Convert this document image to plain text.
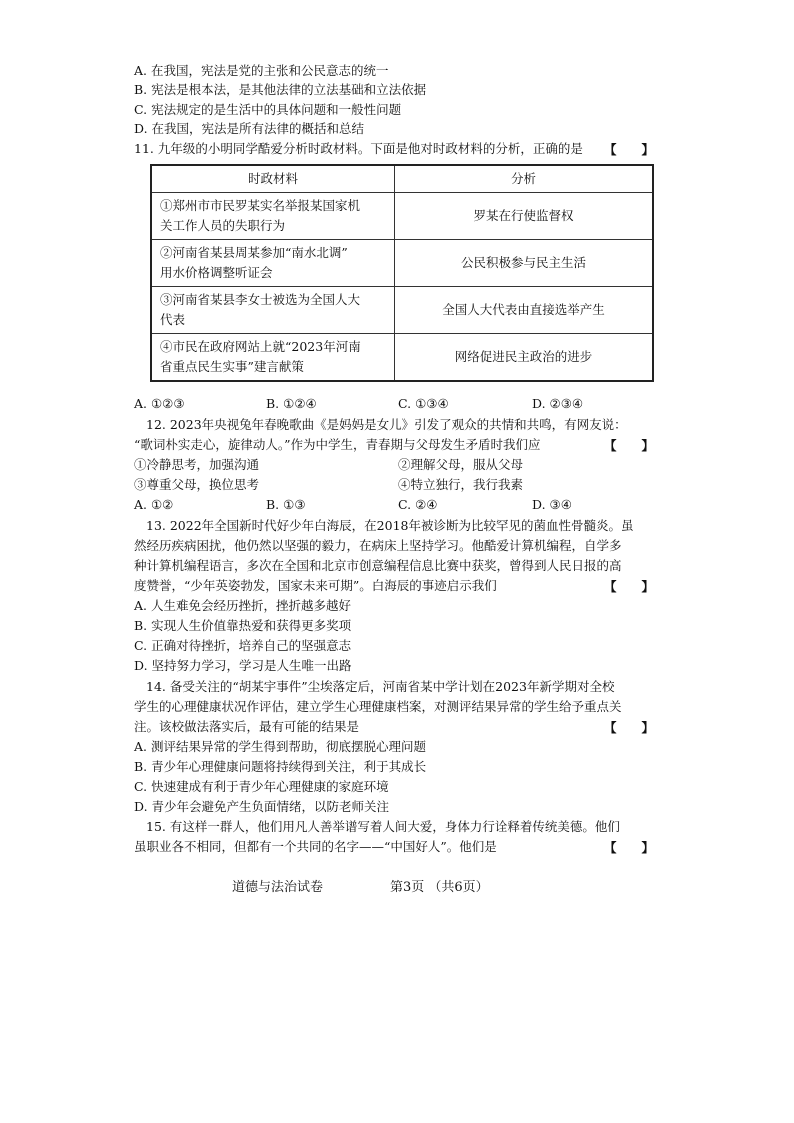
A. 在我国，宪法是党的主张和公民意志的统一
B. 宪法是根本法，是其他法律的立法基础和立法依据
C. 宪法规定的是生活中的具体问题和一般性问题
D. 在我国，宪法是所有法律的概括和总结
11. 九年级的小明同学酷爱分析时政材料。下面是他对时政材料的分析，正确的是 【　　】
时政材料	分析

①郑州市市民罗某实名举报某国家机
关工作人员的失职行为	罗某在行使监督权

②河南省某县周某参加“南水北调”
用水价格调整听证会	公民积极参与民主生活

③河南省某县李女士被选为全国人大
代表	全国人大代表由直接选举产生

④市民在政府网站上就“2023年河南
省重点民生实事”建言献策	网络促进民主政治的进步
A. ①②③	B. ①②④	C. ①③④	D. ②③④
12. 2023年央视兔年春晚歌曲《是妈妈是女儿》引发了观众的共情和共鸣，有网友说：
“歌词朴实走心，旋律动人。”作为中学生，青春期与父母发生矛盾时我们应	【　　】
①冷静思考，加强沟通	②理解父母，服从父母
③尊重父母，换位思考	④特立独行，我行我素
A. ①②	B. ①③	C. ②④	D. ③④
13. 2022年全国新时代好少年白海辰，在2018年被诊断为比较罕见的菌血性骨髓炎。虽
然经历疾病困扰，他仍然以坚强的毅力，在病床上坚持学习。他酷爱计算机编程，自学多
种计算机编程语言，多次在全国和北京市创意编程信息比赛中获奖，曾得到人民日报的高
度赞誉，“少年英姿勃发，国家未来可期”。白海辰的事迹启示我们	【　　】
A. 人生难免会经历挫折，挫折越多越好
B. 实现人生价值靠热爱和获得更多奖项
C. 正确对待挫折，培养自己的坚强意志
D. 坚持努力学习，学习是人生唯一出路
14. 备受关注的“胡某宇事件”尘埃落定后，河南省某中学计划在2023年新学期对全校
学生的心理健康状况作评估，建立学生心理健康档案，对测评结果异常的学生给予重点关
注。该校做法落实后，最有可能的结果是	【　　】
A. 测评结果异常的学生得到帮助，彻底摆脱心理问题
B. 青少年心理健康问题将持续得到关注，利于其成长
C. 快速建成有利于青少年心理健康的家庭环境
D. 青少年会避免产生负面情绪，以防老师关注
15. 有这样一群人，他们用凡人善举谱写着人间大爱，身体力行诠释着传统美德。他们
虽职业各不相同，但都有一个共同的名字——“中国好人”。他们是	【　　】
道德与法治试卷	第3页 （共6页）
